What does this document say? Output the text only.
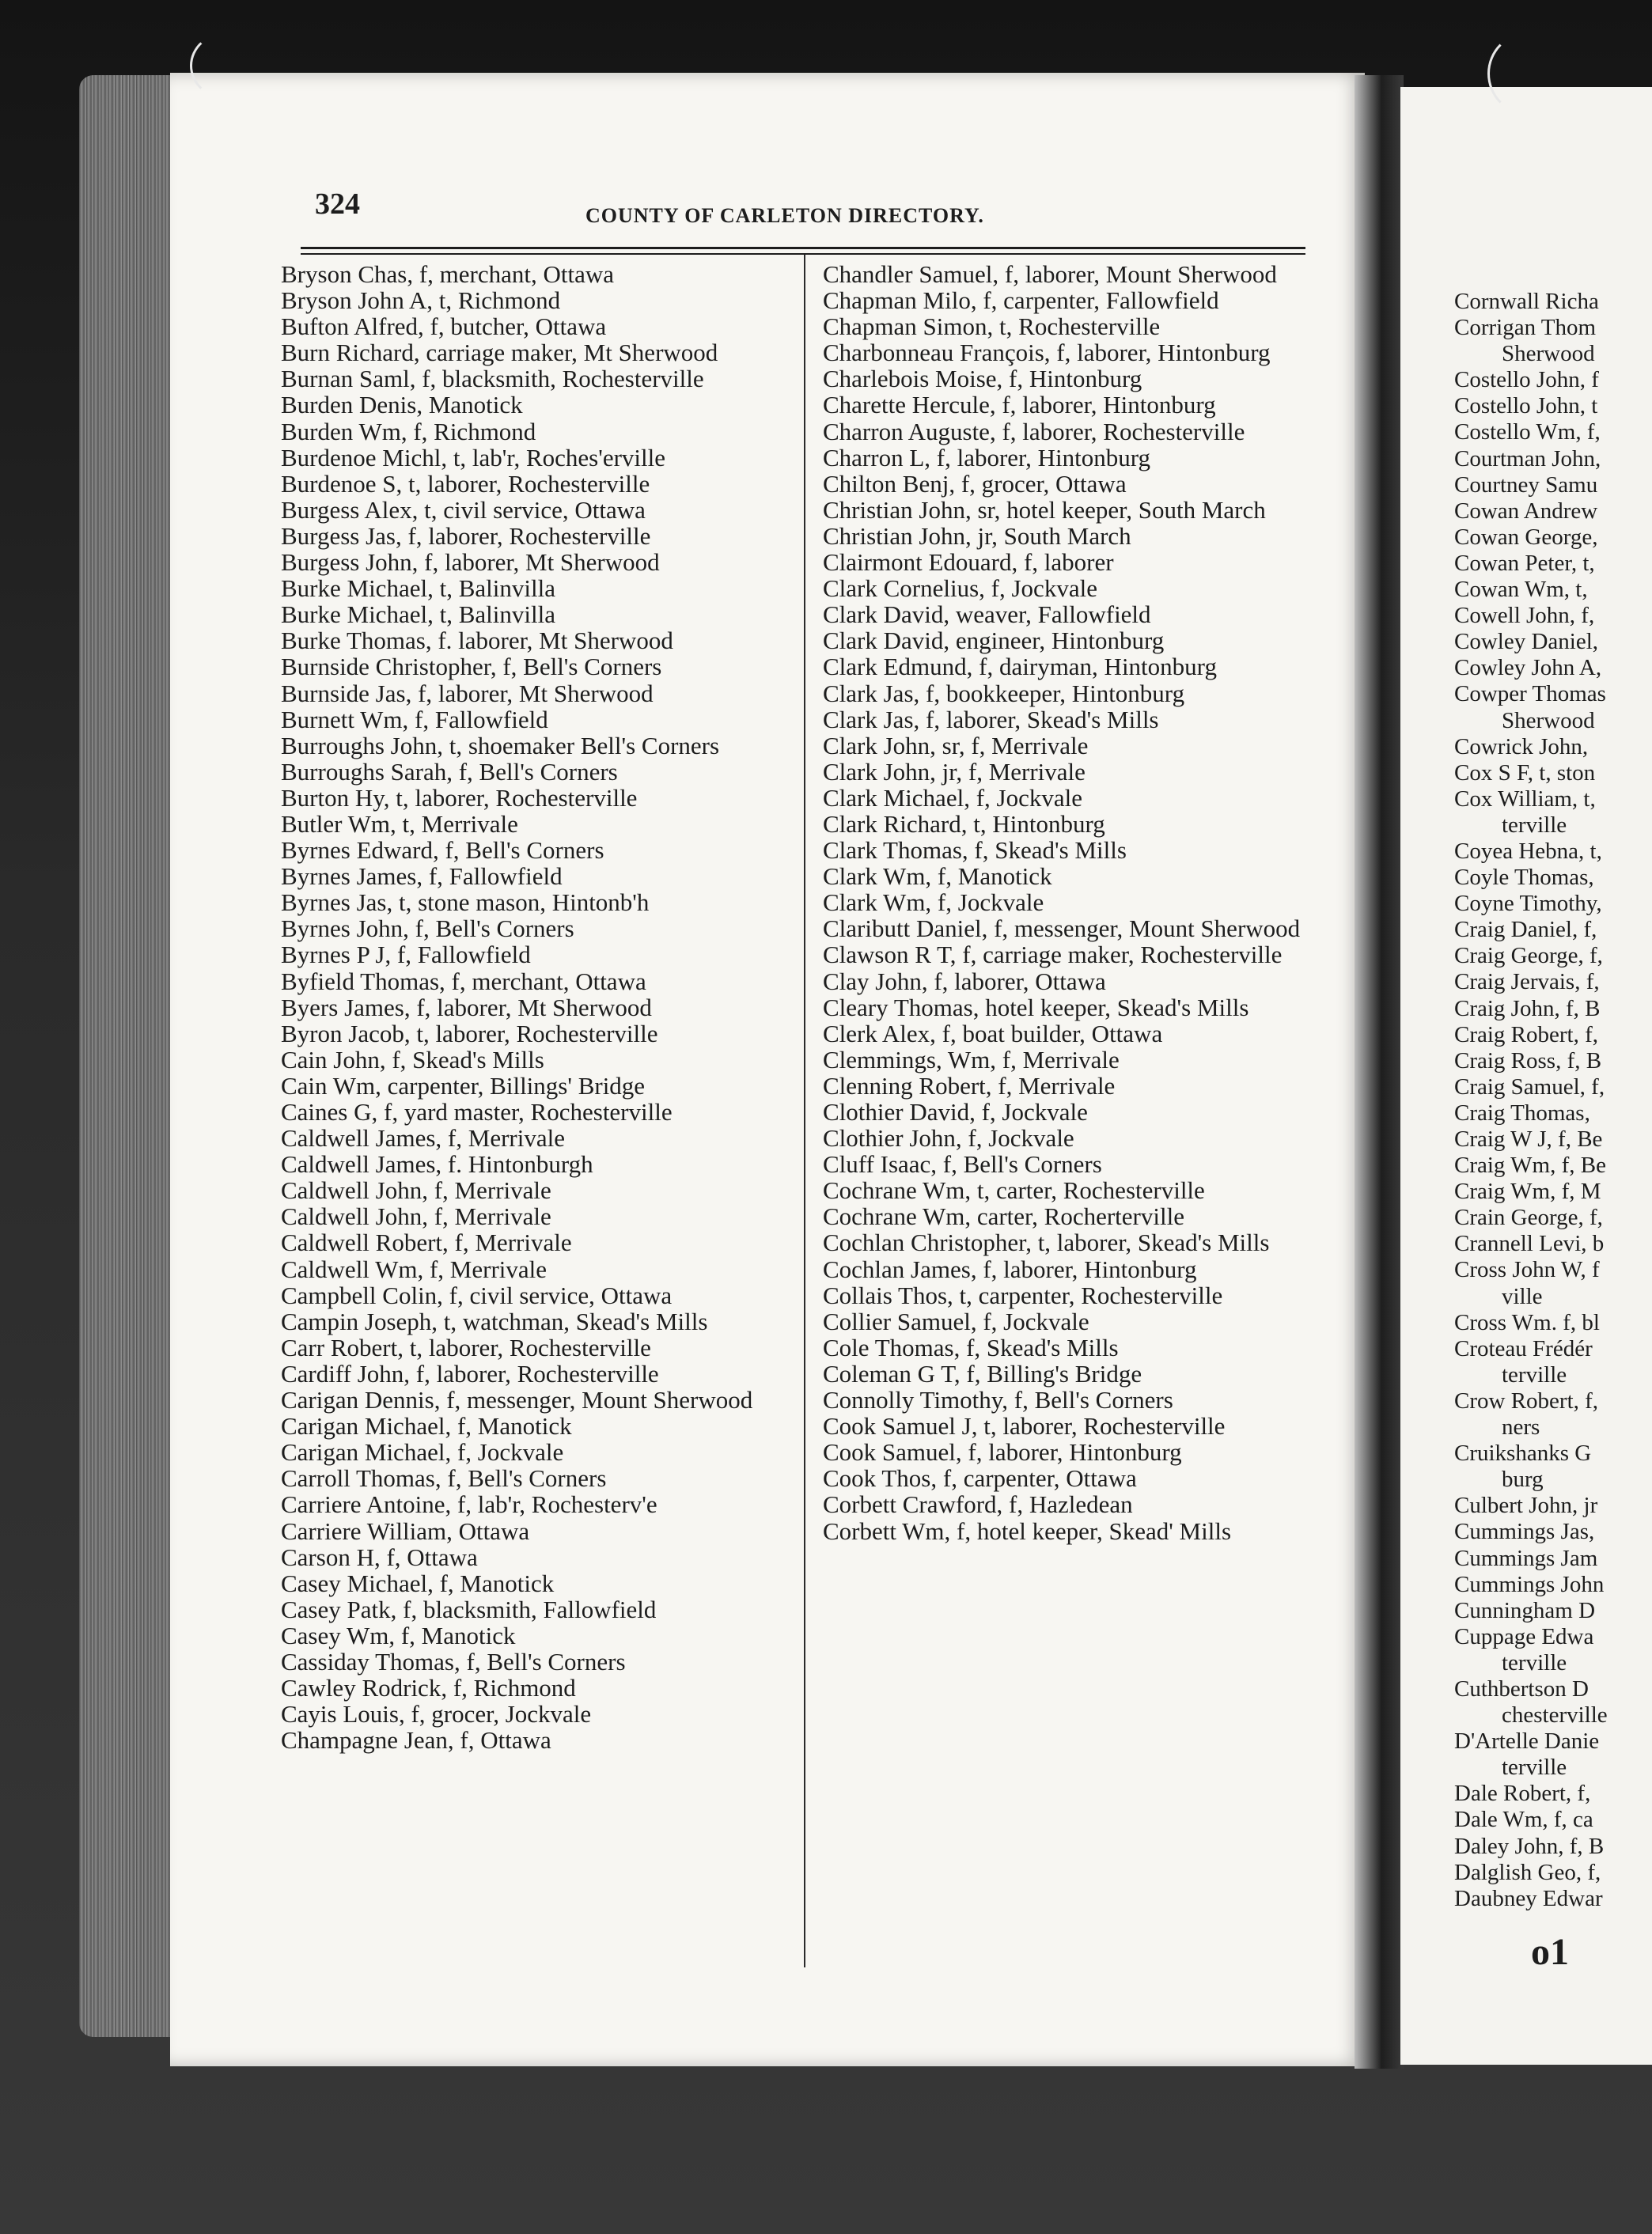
324	COUNTY OF CARLETON DIRECTORY.
Bryson Chas, f, merchant, Ottawa
Bryson John A, t, Richmond
Bufton Alfred, f, butcher, Ottawa
Burn Richard, carriage maker, Mt Sherwood
Burnan Saml, f, blacksmith, Rochesterville
Burden Denis, Manotick
Burden Wm, f, Richmond
Burdenoe Michl, t, lab'r, Roches'erville
Burdenoe S, t, laborer, Rochesterville
Burgess Alex, t, civil service, Ottawa
Burgess Jas, f, laborer, Rochesterville
Burgess John, f, laborer, Mt Sherwood
Burke Michael, t, Balinvilla
Burke Michael, t, Balinvilla
Burke Thomas, f. laborer, Mt Sherwood
Burnside Christopher, f, Bell's Corners
Burnside Jas, f, laborer, Mt Sherwood
Burnett Wm, f, Fallowfield
Burroughs John, t, shoemaker Bell's Corners
Burroughs Sarah, f, Bell's Corners
Burton Hy, t, laborer, Rochesterville
Butler Wm, t, Merrivale
Byrnes Edward, f, Bell's Corners
Byrnes James, f, Fallowfield
Byrnes Jas, t, stone mason, Hintonb'h
Byrnes John, f, Bell's Corners
Byrnes P J, f, Fallowfield
Byfield Thomas, f, merchant, Ottawa
Byers James, f, laborer, Mt Sherwood
Byron Jacob, t, laborer, Rochesterville
Cain John, f, Skead's Mills
Cain Wm, carpenter, Billings' Bridge
Caines G, f, yard master, Rochesterville
Caldwell James, f, Merrivale
Caldwell James, f. Hintonburgh
Caldwell John, f, Merrivale
Caldwell John, f, Merrivale
Caldwell Robert, f, Merrivale
Caldwell Wm, f, Merrivale
Campbell Colin, f, civil service, Ottawa
Campin Joseph, t, watchman, Skead's Mills
Carr Robert, t, laborer, Rochesterville
Cardiff John, f, laborer, Rochesterville
Carigan Dennis, f, messenger, Mount Sherwood
Carigan Michael, f, Manotick
Carigan Michael, f, Jockvale
Carroll Thomas, f, Bell's Corners
Carriere Antoine, f, lab'r, Rochesterv'e
Carriere William, Ottawa
Carson H, f, Ottawa
Casey Michael, f, Manotick
Casey Patk, f, blacksmith, Fallowfield
Casey Wm, f, Manotick
Cassiday Thomas, f, Bell's Corners
Cawley Rodrick, f, Richmond
Cayis Louis, f, grocer, Jockvale
Champagne Jean, f, Ottawa
Chandler Samuel, f, laborer, Mount Sherwood
Chapman Milo, f, carpenter, Fallowfield
Chapman Simon, t, Rochesterville
Charbonneau François, f, laborer, Hintonburg
Charlebois Moise, f, Hintonburg
Charette Hercule, f, laborer, Hintonburg
Charron Auguste, f, laborer, Rochesterville
Charron L, f, laborer, Hintonburg
Chilton Benj, f, grocer, Ottawa
Christian John, sr, hotel keeper, South March
Christian John, jr, South March
Clairmont Edouard, f, laborer
Clark Cornelius, f, Jockvale
Clark David, weaver, Fallowfield
Clark David, engineer, Hintonburg
Clark Edmund, f, dairyman, Hintonburg
Clark Jas, f, bookkeeper, Hintonburg
Clark Jas, f, laborer, Skead's Mills
Clark John, sr, f, Merrivale
Clark John, jr, f, Merrivale
Clark Michael, f, Jockvale
Clark Richard, t, Hintonburg
Clark Thomas, f, Skead's Mills
Clark Wm, f, Manotick
Clark Wm, f, Jockvale
Claributt Daniel, f, messenger, Mount Sherwood
Clawson R T, f, carriage maker, Rochesterville
Clay John, f, laborer, Ottawa
Cleary Thomas, hotel keeper, Skead's Mills
Clerk Alex, f, boat builder, Ottawa
Clemmings, Wm, f, Merrivale
Clenning Robert, f, Merrivale
Clothier David, f, Jockvale
Clothier John, f, Jockvale
Cluff Isaac, f, Bell's Corners
Cochrane Wm, t, carter, Rochesterville
Cochrane Wm, carter, Rocherterville
Cochlan Christopher, t, laborer, Skead's Mills
Cochlan James, f, laborer, Hintonburg
Collais Thos, t, carpenter, Rochesterville
Collier Samuel, f, Jockvale
Cole Thomas, f, Skead's Mills
Coleman G T, f, Billing's Bridge
Connolly Timothy, f, Bell's Corners
Cook Samuel J, t, laborer, Rochesterville
Cook Samuel, f, laborer, Hintonburg
Cook Thos, f, carpenter, Ottawa
Corbett Crawford, f, Hazledean
Corbett Wm, f, hotel keeper, Skead' Mills
Cornwall Richa
Corrigan Thom
Sherwood
Costello John, f
Costello John, t
Costello Wm, f,
Courtman John,
Courtney Samu
Cowan Andrew
Cowan George,
Cowan Peter, t,
Cowan Wm, t,
Cowell John, f,
Cowley Daniel,
Cowley John A,
Cowper Thomas
Sherwood
Cowrick John,
Cox S F, t, ston
Cox William, t,
terville
Coyea Hebna, t,
Coyle Thomas,
Coyne Timothy,
Craig Daniel, f,
Craig George, f,
Craig Jervais, f,
Craig John, f, B
Craig Robert, f,
Craig Ross, f, B
Craig Samuel, f,
Craig Thomas,
Craig W J, f, Be
Craig Wm, f, Be
Craig Wm, f, M
Crain George, f,
Crannell Levi, b
Cross John W, f
ville
Cross Wm. f, bl
Croteau Frédér
terville
Crow Robert, f,
ners
Cruikshanks G
burg
Culbert John, jr
Cummings Jas,
Cummings Jam
Cummings John
Cunningham D
Cuppage Edwa
terville
Cuthbertson D
chesterville
D'Artelle Danie
terville
Dale Robert, f,
Dale Wm, f, ca
Daley John, f, B
Dalglish Geo, f,
Daubney Edwar
o1
